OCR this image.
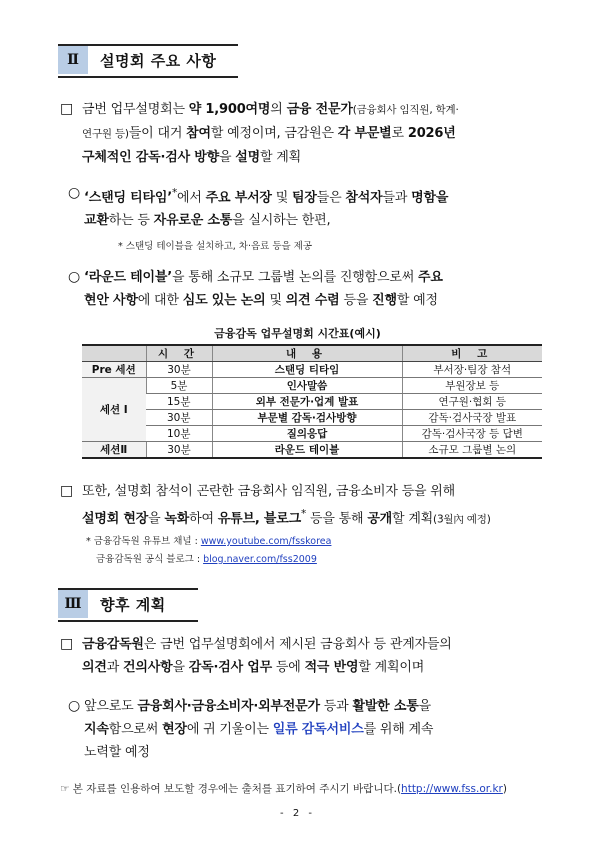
Ⅱ	설명회 주요 사항
□ 금번 업무설명회는 약 1,900여명의 금융 전문가(금융회사 임직원, 학계·
연구원 등)들이 대거 참여할 예정이며, 금감원은 각 부문별로 2026년
구체적인 감독·검사 방향을 설명할 계획
○ ‘스탠딩 티타임’*에서 주요 부서장 및 팀장들은 참석자들과 명함을
교환하는 등 자유로운 소통을 실시하는 한편,
* 스탠딩 테이블을 설치하고, 차·음료 등을 제공
○ ‘라운드 테이블’을 통해 소규모 그룹별 논의를 진행함으로써 주요
현안 사항에 대한 심도 있는 논의 및 의견 수렴 등을 진행할 예정
금융감독 업무설명회 시간표(예시)
	시 간	내 용	비 고
Pre 세션	30분	스탠딩 티타임	부서장·팀장 참석
세션 Ⅰ	5분	인사말씀	부원장보 등
	15분	외부 전문가·업계 발표	연구원·협회 등
	30분	부문별 감독·검사방향	감독·검사국장 발표
	10분	질의응답	감독·검사국장 등 답변
세션Ⅱ	30분	라운드 테이블	소규모 그룹별 논의
□ 또한, 설명회 참석이 곤란한 금융회사 임직원, 금융소비자 등을 위해
설명회 현장을 녹화하여 유튜브, 블로그* 등을 통해 공개할 계획(3월內 예정)
* 금융감독원 유튜브 채널 : www.youtube.com/fsskorea
금융감독원 공식 블로그 : blog.naver.com/fss2009
Ⅲ	향후 계획
□ 금융감독원은 금번 업무설명회에서 제시된 금융회사 등 관계자들의
의견과 건의사항을 감독·검사 업무 등에 적극 반영할 계획이며
○ 앞으로도 금융회사·금융소비자·외부전문가 등과 활발한 소통을
지속함으로써 현장에 귀 기울이는 일류 감독서비스를 위해 계속
노력할 예정
☞ 본 자료를 인용하여 보도할 경우에는 출처를 표기하여 주시기 바랍니다.(http://www.fss.or.kr)
- 2 -
